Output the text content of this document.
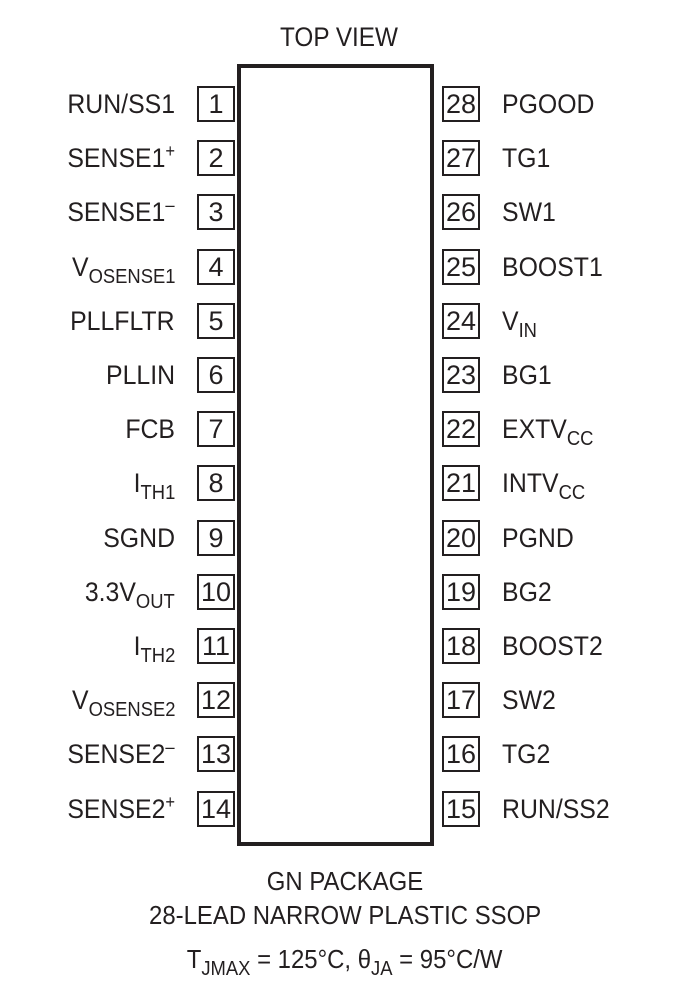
TOP VIEW
1
RUN/SS1
2
SENSE1+
3
SENSE1–
4
$V_{OSENSE1}$
5
PLLFLTR
6
PLLIN
7
FCB
8
$I_{TH1}$
9
SGND
10
$3.3V_{OUT}$
11
$I_{TH2}$
12
$V_{OSENSE2}$
13
SENSE2–
14
SENSE2+
28 PGOOD
27 TG1
26 SW1
25 BOOST1
24 $V_{IN}$
23 BG1
22 $EXTV_{CC}$
21 $INTV_{CC}$
20 PGND
19 BG2
18 BOOST2
17 SW2
16 TG2
15 RUN/SS2
GN PACKAGE
28-LEAD NARROW PLASTIC SSOP
$T_{JMAX} = 125^\circ C$, $\theta_{JA} = 95^\circ C/W$
